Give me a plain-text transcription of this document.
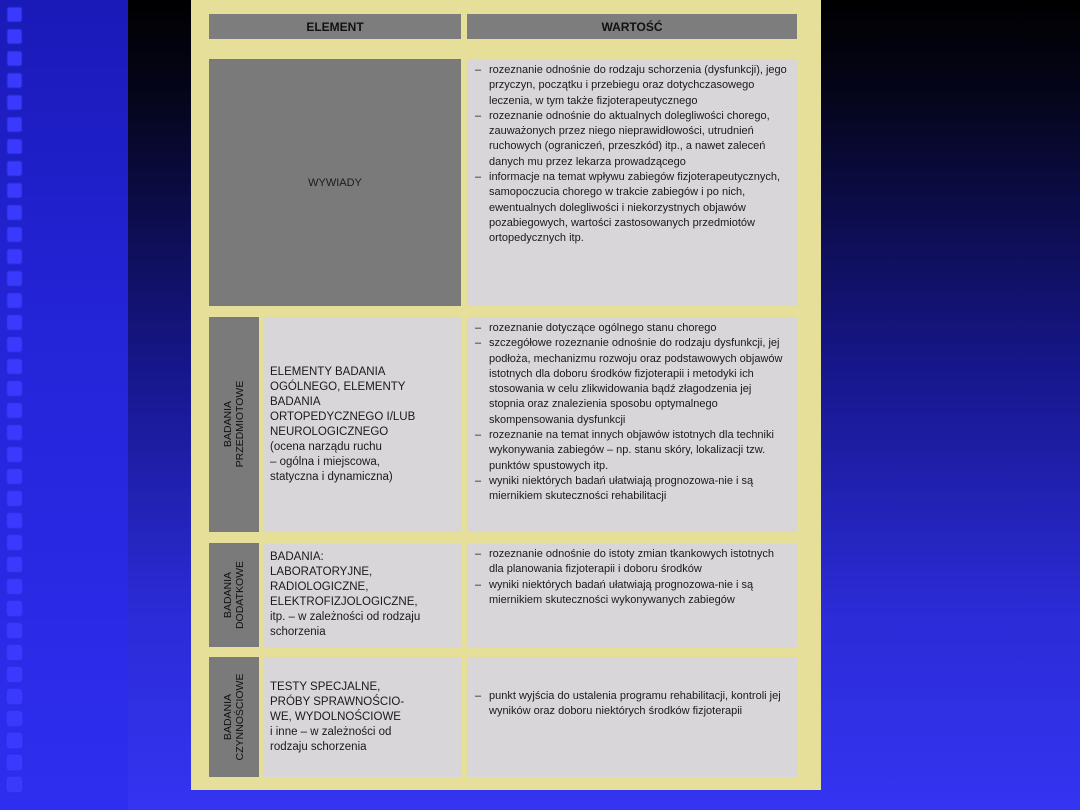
ELEMENT	WARTOŚĆ
WYWIADY
– rozeznanie odnośnie do rodzaju schorzenia (dysfunkcji), jego przyczyn, początku i przebiegu oraz dotychczasowego leczenia, w tym także fizjoterapeutycznego
– rozeznanie odnośnie do aktualnych dolegliwości chorego, zauważonych przez niego nieprawidłowości, utrudnień ruchowych (ograniczeń, przeszkód) itp., a nawet zaleceń danych mu przez lekarza prowadzącego
– informacje na temat wpływu zabiegów fizjoterapeutycznych, samopoczucia chorego w trakcie zabiegów i po nich, ewentualnych dolegliwości i niekorzystnych objawów pozabiegowych, wartości zastosowanych przedmiotów ortopedycznych itp.
BADANIA PRZEDMIOTOWE
ELEMENTY BADANIA
OGÓLNEGO, ELEMENTY
BADANIA
ORTOPEDYCZNEGO I/LUB
NEUROLOGICZNEGO
(ocena narządu ruchu
– ogólna i miejscowa,
statyczna i dynamiczna)
– rozeznanie dotyczące ogólnego stanu chorego
– szczegółowe rozeznanie odnośnie do rodzaju dysfunkcji, jej podłoża, mechanizmu rozwoju oraz podstawowych objawów istotnych dla doboru środków fizjoterapii i metodyki ich stosowania w celu zlikwidowania bądź złagodzenia jej stopnia oraz znalezienia sposobu optymalnego skompensowania dysfunkcji
– rozeznanie na temat innych objawów istotnych dla techniki wykonywania zabiegów – np. stanu skóry, lokalizacji tzw. punktów spustowych itp.
– wyniki niektórych badań ułatwiają prognozowa-nie i są miernikiem skuteczności rehabilitacji
BADANIA DODATKOWE
BADANIA:
LABORATORYJNE,
RADIOLOGICZNE,
ELEKTROFIZJOLOGICZNE,
itp. – w zależności od rodzaju
schorzenia
– rozeznanie odnośnie do istoty zmian tkankowych istotnych dla planowania fizjoterapii i doboru środków
– wyniki niektórych badań ułatwiają prognozowa-nie i są miernikiem skuteczności wykonywanych zabiegów
BADANIA CZYNNOŚCIOWE TESTY SPECJALNE,
PRÓBY SPRAWNOŚCIO-
WE, WYDOLNOŚCIOWE
i inne – w zależności od
rodzaju schorzenia
– punkt wyjścia do ustalenia programu rehabilitacji, kontroli jej wyników oraz doboru niektórych środków fizjoterapii
